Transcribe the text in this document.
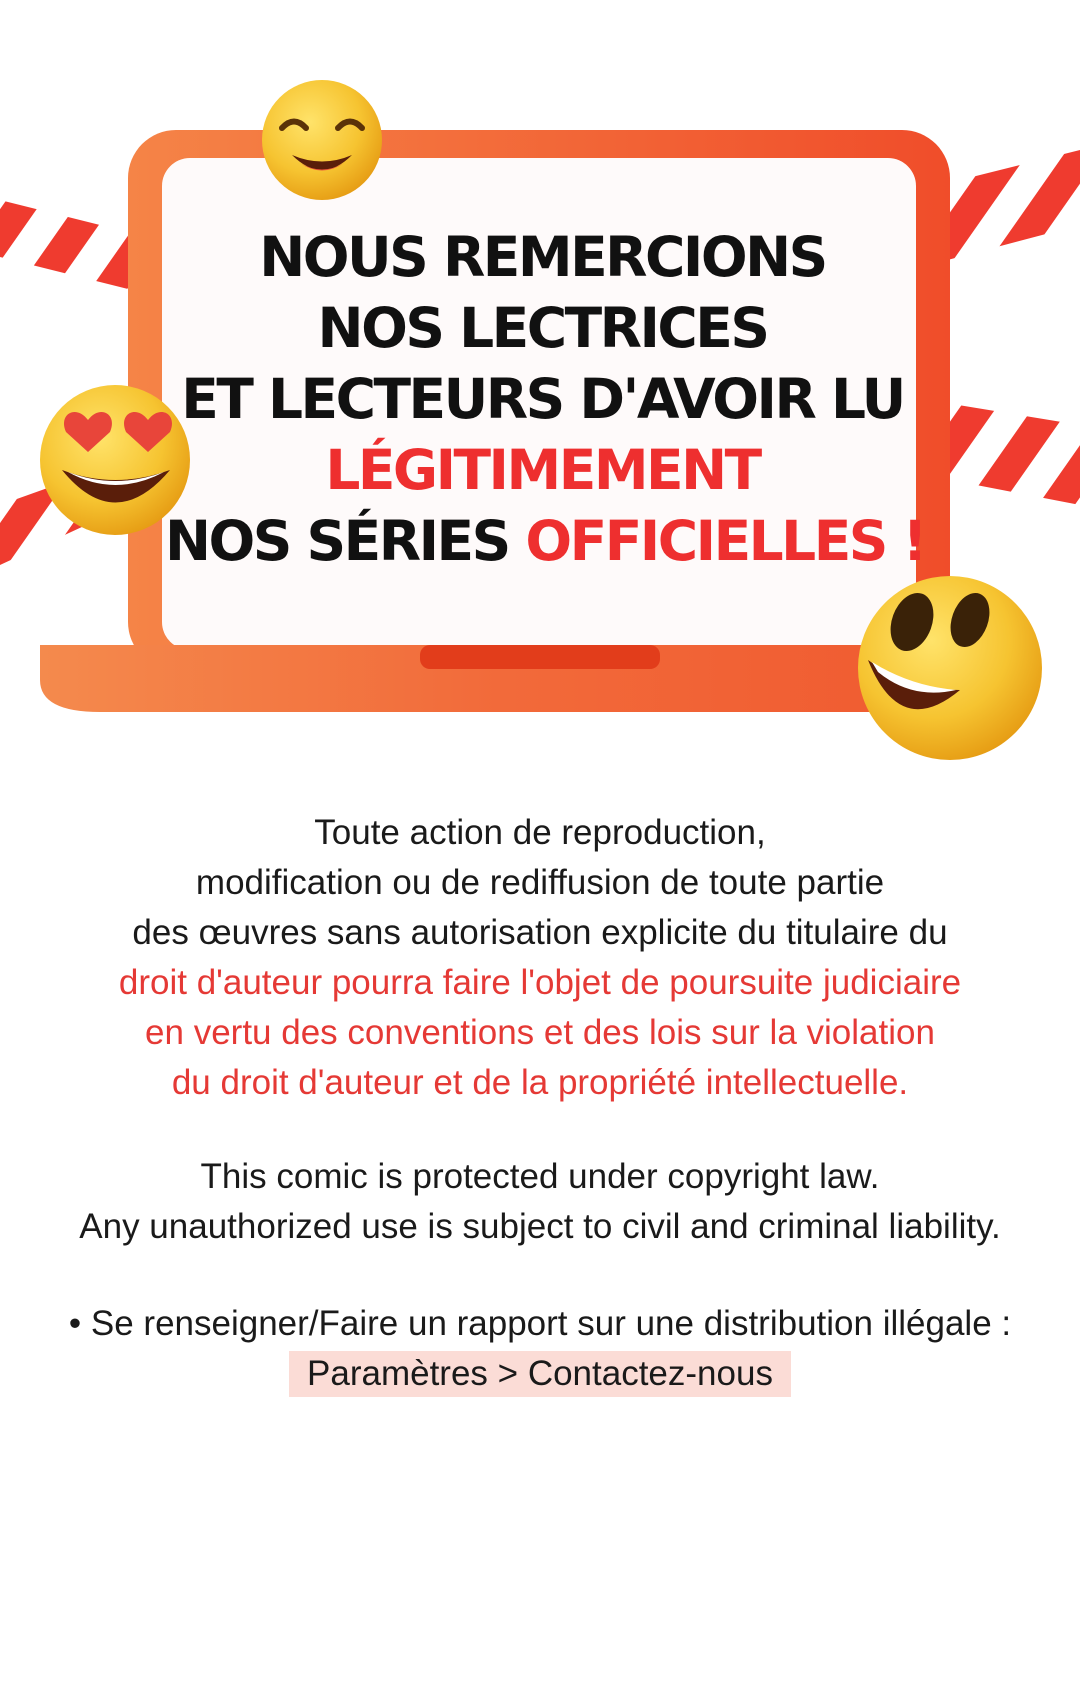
NOUS REMERCIONS
NOS LECTRICES
ET LECTEURS D'AVOIR LU
LÉGITIMEMENT
NOS SÉRIES OFFICIELLES !
Toute action de reproduction,
modification ou de rediffusion de toute partie
des œuvres sans autorisation explicite du titulaire du
droit d'auteur pourra faire l'objet de poursuite judiciaire
en vertu des conventions et des lois sur la violation
du droit d'auteur et de la propriété intellectuelle.
This comic is protected under copyright law.
Any unauthorized use is subject to civil and criminal liability.
• Se renseigner/Faire un rapport sur une distribution illégale :
Paramètres > Contactez-nous
